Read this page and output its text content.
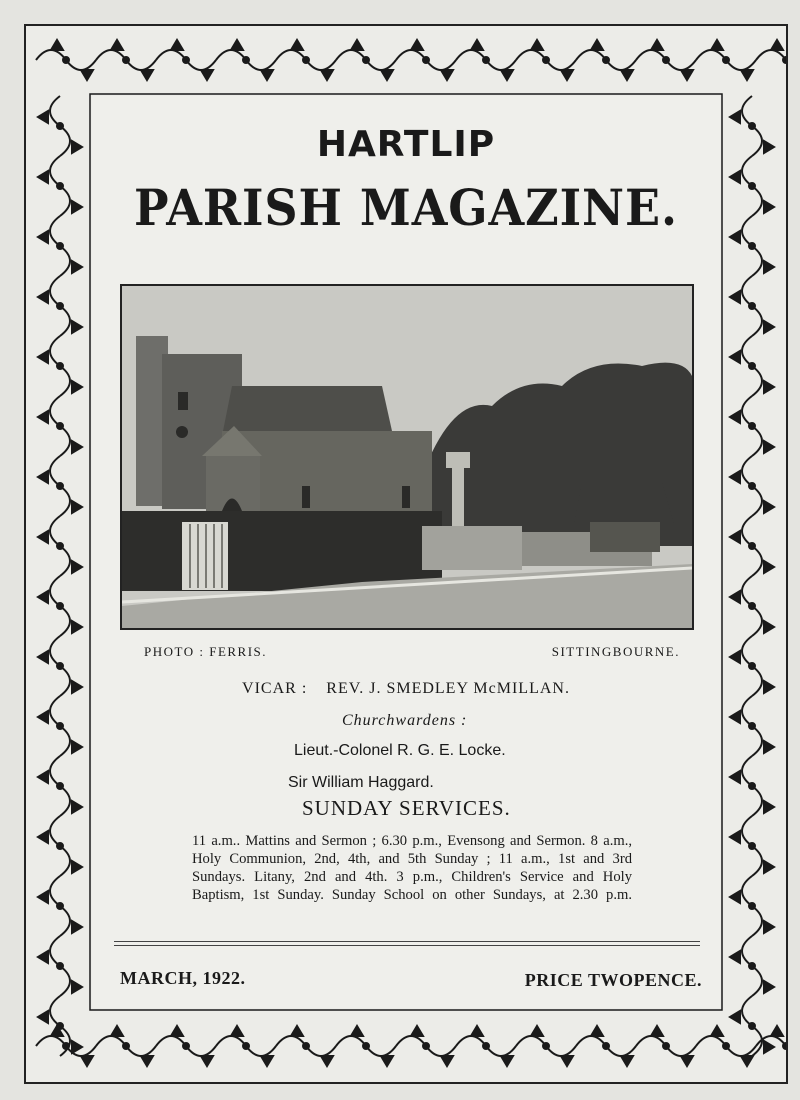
HARTLIP
PARISH MAGAZINE.
PHOTO : FERRIS.	SITTINGBOURNE.
VICAR : REV. J. SMEDLEY McMILLAN.
Churchwardens :
Lieut.-Colonel R. G. E. Locke.
Sir William Haggard.
SUNDAY SERVICES.
11 a.m.. Mattins and Sermon ; 6.30 p.m., Evensong and Sermon. 8 a.m., Holy Communion, 2nd, 4th, and 5th Sunday ; 11 a.m., 1st and 3rd Sundays. Litany, 2nd and 4th. 3 p.m., Children's Service and Holy Baptism, 1st Sunday. Sunday School on other Sundays, at 2.30 p.m.
MARCH, 1922.	PRICE TWOPENCE.
